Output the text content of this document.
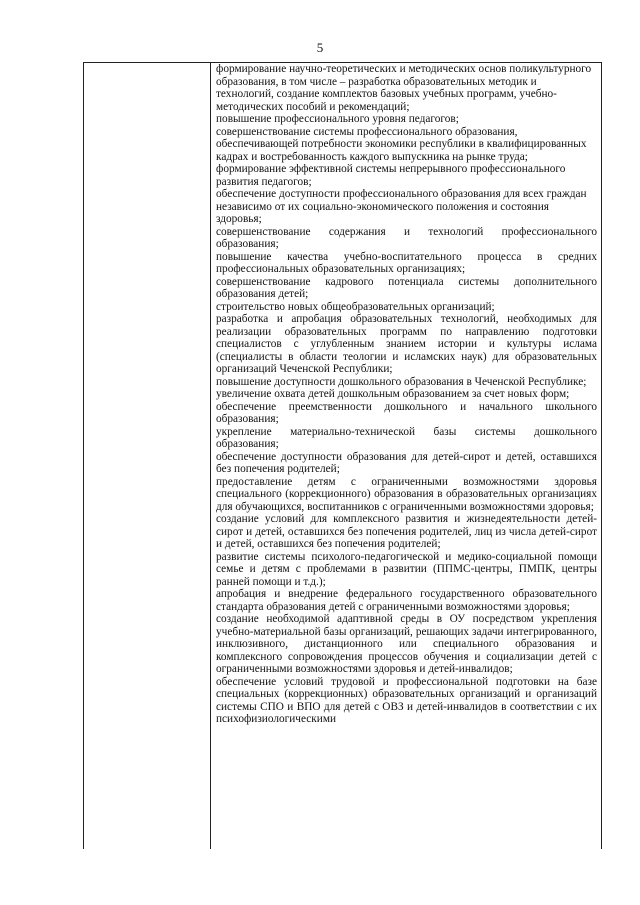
5

формирование научно-теоретических и методических основ поликультурного образования, в том числе – разработка образовательных методик и технологий, создание комплектов базовых учебных программ, учебно-методических пособий и рекомендаций;

повышение профессионального уровня педагогов;

совершенствование системы профессионального образования, обеспечивающей потребности экономики республики в квалифицированных кадрах и востребованность каждого выпускника на рынке труда;

формирование эффективной системы непрерывного профессионального развития педагогов;

обеспечение доступности профессионального образования для всех граждан независимо от их социально-экономического положения и состояния здоровья;

совершенствование содержания и технологий профессионального образования;

повышение качества учебно-воспитательного процесса в средних профессиональных образовательных организациях;

совершенствование кадрового потенциала системы дополнительного образования детей;

строительство новых общеобразовательных организаций;

разработка и апробация образовательных технологий, необходимых для реализации образовательных программ по направлению подготовки специалистов с углубленным знанием истории и культуры ислама (специалисты в области теологии и исламских наук) для образовательных организаций Чеченской Республики;

повышение доступности дошкольного образования в Чеченской Республике;

увеличение охвата детей дошкольным образованием за счет новых форм;

обеспечение преемственности дошкольного и начального школьного образования;

укрепление материально-технической базы системы дошкольного образования;

обеспечение доступности образования для детей-сирот и детей, оставшихся без попечения родителей;

предоставление детям с ограниченными возможностями здоровья специального (коррекционного) образования в образовательных организациях для обучающихся, воспитанников с ограниченными возможностями здоровья;

создание условий для комплексного развития и жизнедеятельности детей-сирот и детей, оставшихся без попечения родителей, лиц из числа детей-сирот и детей, оставшихся без попечения родителей;

развитие системы психолого-педагогической и медико-социальной помощи семье и детям с проблемами в развитии (ППМС-центры, ПМПК, центры ранней помощи и т.д.);

апробация и внедрение федерального государственного образовательного стандарта образования детей с ограниченными возможностями здоровья;

создание необходимой адаптивной среды в ОУ посредством укрепления учебно-материальной базы организаций, решающих задачи интегрированного, инклюзивного, дистанционного или специального образования и комплексного сопровождения процессов обучения и социализации детей с ограниченными возможностями здоровья и детей-инвалидов;

обеспечение условий трудовой и профессиональной подготовки на базе специальных (коррекционных) образовательных организаций и организаций системы СПО и ВПО для детей с ОВЗ и детей-инвалидов в соответствии с их психофизиологическими
